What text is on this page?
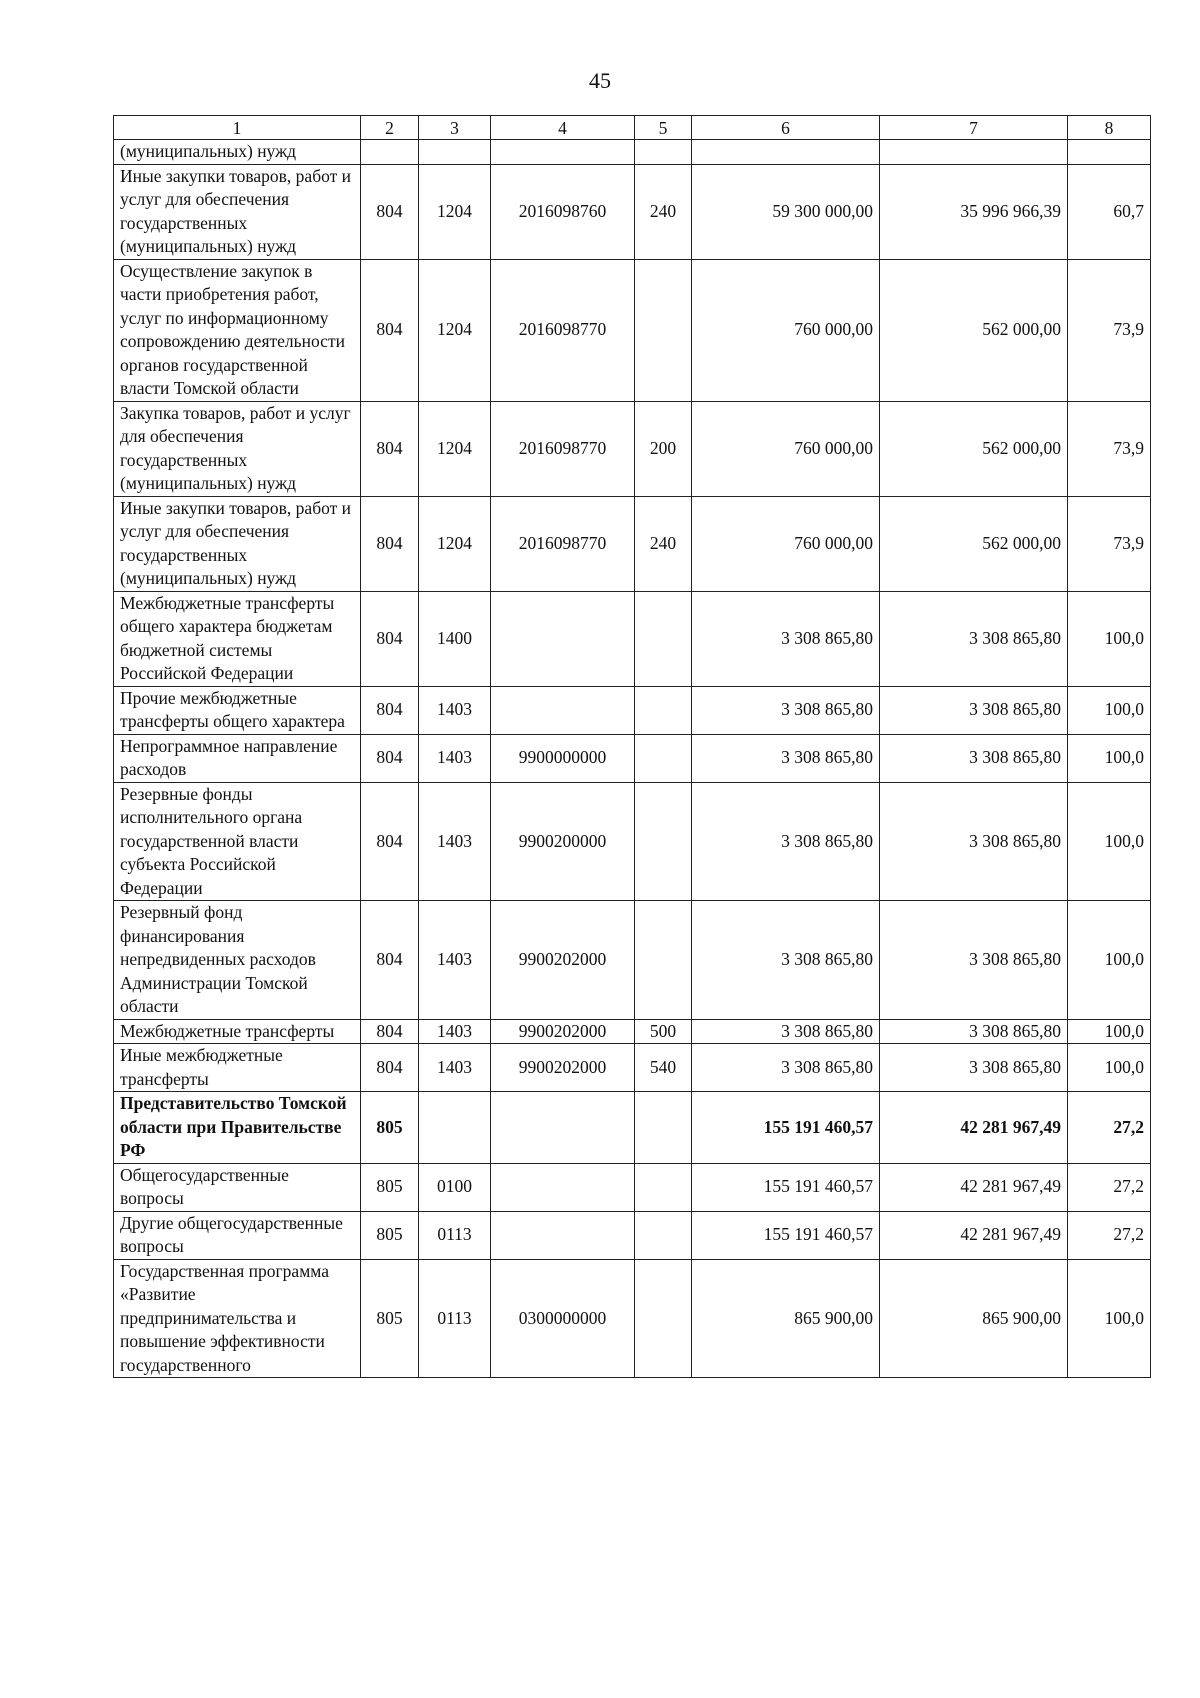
45
1	2	3	4	5	6	7	8
(муниципальных) нужд							
Иные закупки товаров, работ и услуг для обеспечения государственных (муниципальных) нужд	804	1204	2016098760	240	59 300 000,00	35 996 966,39	60,7
Осуществление закупок в части приобретения работ, услуг по информационному сопровождению деятельности органов государственной власти Томской области	804	1204	2016098770		760 000,00	562 000,00	73,9
Закупка товаров, работ и услуг для обеспечения государственных (муниципальных) нужд	804	1204	2016098770	200	760 000,00	562 000,00	73,9
Иные закупки товаров, работ и услуг для обеспечения государственных (муниципальных) нужд	804	1204	2016098770	240	760 000,00	562 000,00	73,9
Межбюджетные трансферты общего характера бюджетам бюджетной системы Российской Федерации	804	1400			3 308 865,80	3 308 865,80	100,0
Прочие межбюджетные трансферты общего характера	804	1403			3 308 865,80	3 308 865,80	100,0
Непрограммное направление расходов	804	1403	9900000000		3 308 865,80	3 308 865,80	100,0
Резервные фонды исполнительного органа государственной власти субъекта Российской Федерации	804	1403	9900200000		3 308 865,80	3 308 865,80	100,0
Резервный фонд финансирования непредвиденных расходов Администрации Томской области	804	1403	9900202000		3 308 865,80	3 308 865,80	100,0
Межбюджетные трансферты	804	1403	9900202000	500	3 308 865,80	3 308 865,80	100,0
Иные межбюджетные трансферты	804	1403	9900202000	540	3 308 865,80	3 308 865,80	100,0
Представительство Томской области при Правительстве РФ	805				155 191 460,57	42 281 967,49	27,2
Общегосударственные вопросы	805	0100			155 191 460,57	42 281 967,49	27,2
Другие общегосударственные вопросы	805	0113			155 191 460,57	42 281 967,49	27,2
Государственная программа «Развитие предпринимательства и повышение эффективности государственного	805	0113	0300000000		865 900,00	865 900,00	100,0
